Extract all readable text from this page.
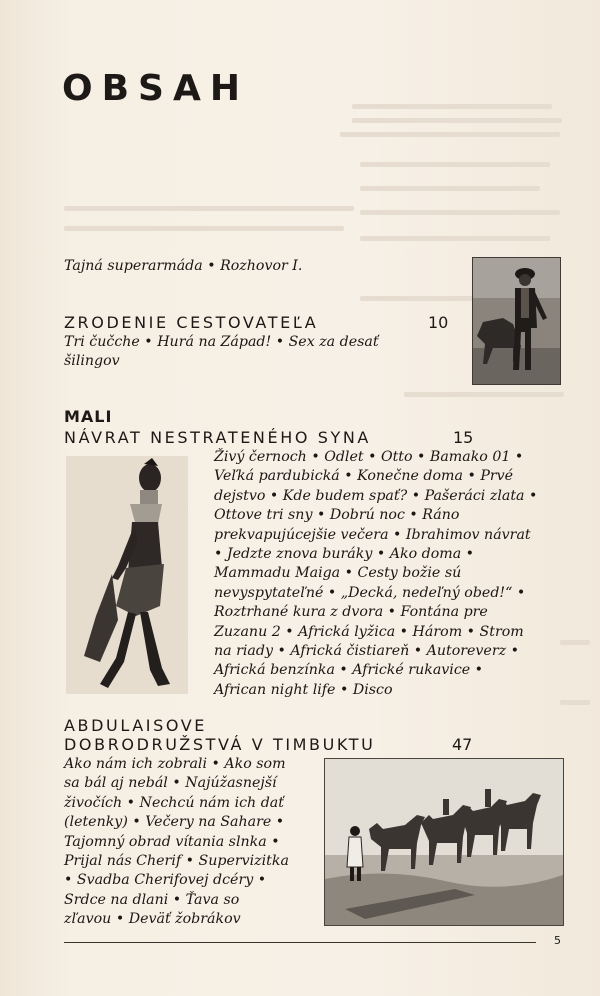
OBSAH
Tajná superarmáda • Rozhovor I.
ZRODENIE CESTOVATEĽA	10
Tri čučche • Hurá na Západ! • Sex za desať
šilingov
MALI
NÁVRAT NESTRATENÉHO SYNA	15
Živý černoch • Odlet • Otto • Bamako 01 •
Veľká pardubická • Konečne doma • Prvé
dejstvo • Kde budem spať? • Pašeráci zlata •
Ottove tri sny • Dobrú noc • Ráno
prekvapujúcejšie večera • Ibrahimov návrat
• Jedzte znova buráky • Ako doma •
Mammadu Maiga • Cesty božie sú
nevyspytateľné • „Decká, nedeľný obed!“ •
Roztrhané kura z dvora • Fontána pre
Zuzanu 2 • Africká lyžica • Három • Strom
na riady • Africká čistiareň • Autoreverz •
Africká benzínka • Africké rukavice •
African night life • Disco
ABDULAISOVE
DOBRODRUŽSTVÁ V TIMBUKTU	47
Ako nám ich zobrali • Ako som
sa bál aj nebál • Najúžasnejší
živočích • Nechcú nám ich dať
(letenky) • Večery na Sahare •
Tajomný obrad vítania slnka •
Prijal nás Cherif • Supervizitka
• Svadba Cherifovej dcéry •
Srdce na dlani • Ťava so
zľavou • Deväť žobrákov
5
